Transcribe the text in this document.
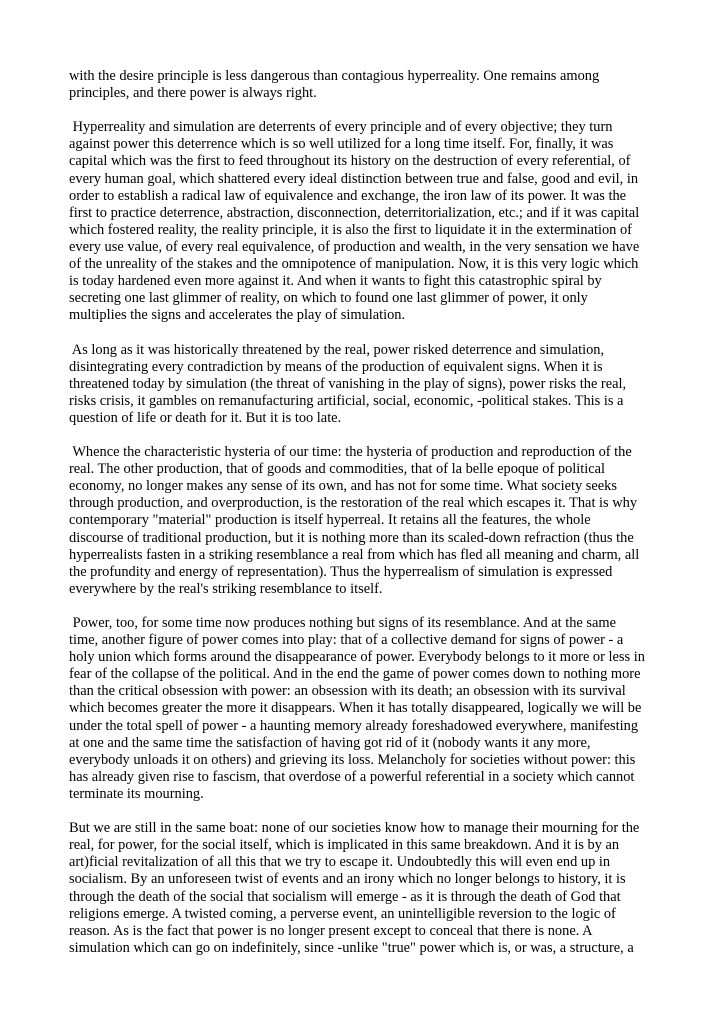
with the desire principle is less dangerous than contagious hyperreality. One remains among
principles, and there power is always right.

Hyperreality and simulation are deterrents of every principle and of every objective; they turn
against power this deterrence which is so well utilized for a long time itself. For, finally, it was
capital which was the first to feed throughout its history on the destruction of every referential, of
every human goal, which shattered every ideal distinction between true and false, good and evil, in
order to establish a radical law of equivalence and exchange, the iron law of its power. It was the
first to practice deterrence, abstraction, disconnection, deterritorialization, etc.; and if it was capital
which fostered reality, the reality principle, it is also the first to liquidate it in the extermination of
every use value, of every real equivalence, of production and wealth, in the very sensation we have
of the unreality of the stakes and the omnipotence of manipulation. Now, it is this very logic which
is today hardened even more against it. And when it wants to fight this catastrophic spiral by
secreting one last glimmer of reality, on which to found one last glimmer of power, it only
multiplies the signs and accelerates the play of simulation.

As long as it was historically threatened by the real, power risked deterrence and simulation,
disintegrating every contradiction by means of the production of equivalent signs. When it is
threatened today by simulation (the threat of vanishing in the play of signs), power risks the real,
risks crisis, it gambles on remanufacturing artificial, social, economic, -political stakes. This is a
question of life or death for it. But it is too late.

Whence the characteristic hysteria of our time: the hysteria of production and reproduction of the
real. The other production, that of goods and commodities, that of la belle epoque of political
economy, no longer makes any sense of its own, and has not for some time. What society seeks
through production, and overproduction, is the restoration of the real which escapes it. That is why
contemporary "material" production is itself hyperreal. It retains all the features, the whole
discourse of traditional production, but it is nothing more than its scaled-down refraction (thus the
hyperrealists fasten in a striking resemblance a real from which has fled all meaning and charm, all
the profundity and energy of representation). Thus the hyperrealism of simulation is expressed
everywhere by the real's striking resemblance to itself.

Power, too, for some time now produces nothing but signs of its resemblance. And at the same
time, another figure of power comes into play: that of a collective demand for signs of power - a
holy union which forms around the disappearance of power. Everybody belongs to it more or less in
fear of the collapse of the political. And in the end the game of power comes down to nothing more
than the critical obsession with power: an obsession with its death; an obsession with its survival
which becomes greater the more it disappears. When it has totally disappeared, logically we will be
under the total spell of power - a haunting memory already foreshadowed everywhere, manifesting
at one and the same time the satisfaction of having got rid of it (nobody wants it any more,
everybody unloads it on others) and grieving its loss. Melancholy for societies without power: this
has already given rise to fascism, that overdose of a powerful referential in a society which cannot
terminate its mourning.

But we are still in the same boat: none of our societies know how to manage their mourning for the
real, for power, for the social itself, which is implicated in this same breakdown. And it is by an
art)ficial revitalization of all this that we try to escape it. Undoubtedly this will even end up in
socialism. By an unforeseen twist of events and an irony which no longer belongs to history, it is
through the death of the social that socialism will emerge - as it is through the death of God that
religions emerge. A twisted coming, a perverse event, an unintelligible reversion to the logic of
reason. As is the fact that power is no longer present except to conceal that there is none. A
simulation which can go on indefinitely, since -unlike "true" power which is, or was, a structure, a
